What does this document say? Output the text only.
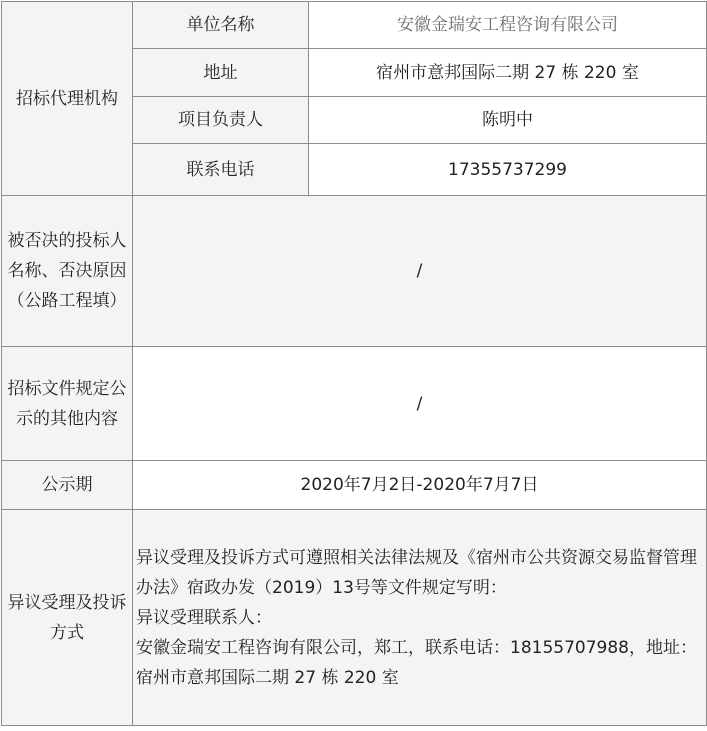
招标代理机构	单位名称	安徽金瑞安工程咨询有限公司
	地址	宿州市意邦国际二期 27 栋 220 室
	项目负责人	陈明中
	联系电话	17355737299
被否决的投标人名称、否决原因（公路工程填）	/	
招标文件规定公示的其他内容	/	
公示期	2020年7月2日-2020年7月7日	
异议受理及投诉方式	异议受理及投诉方式可遵照相关法律法规及《宿州市公共资源交易监督管理办法》宿政办发（2019）13号等文件规定写明：
异议受理联系人：
安徽金瑞安工程咨询有限公司，郑工，联系电话：18155707988，地址：宿州市意邦国际二期 27 栋 220 室	
